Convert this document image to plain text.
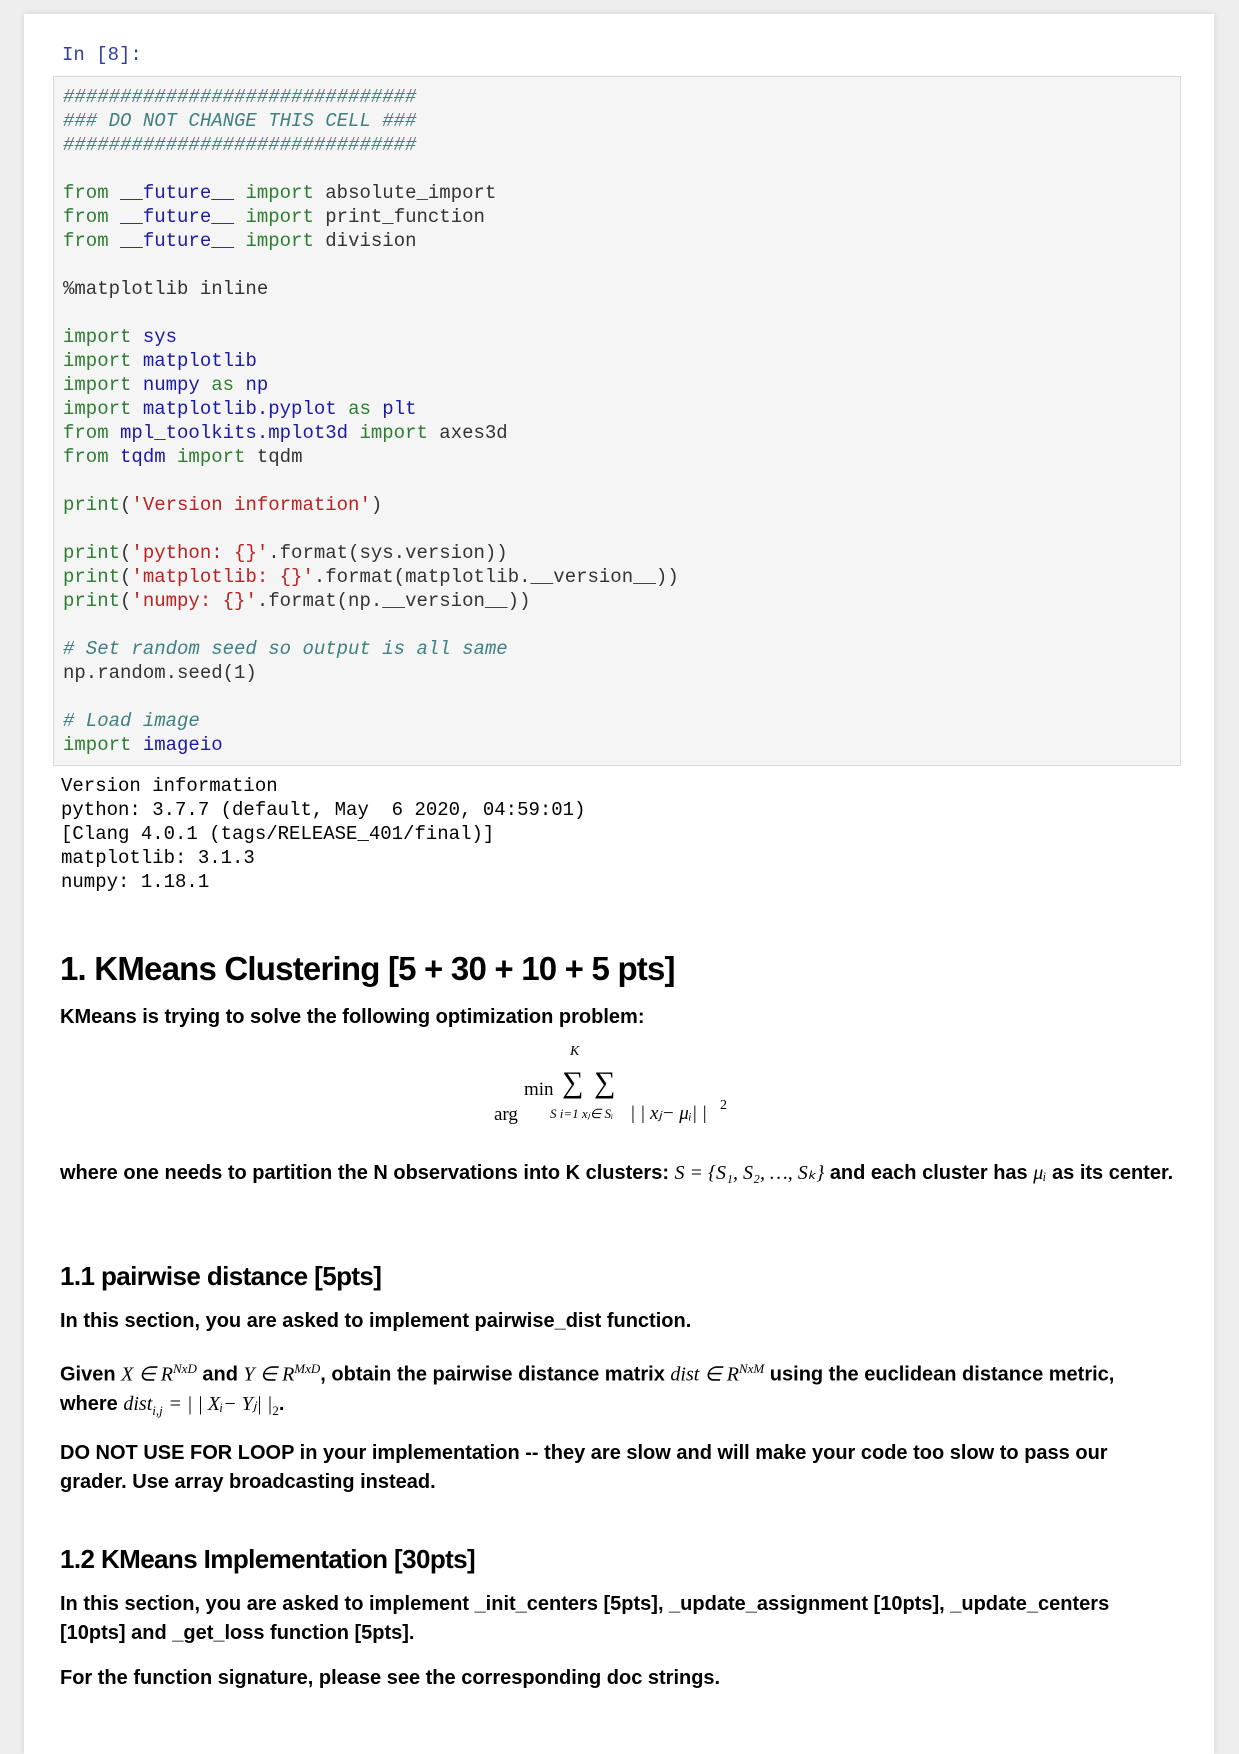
In [8]:
###############################
### DO NOT CHANGE THIS CELL ###
###############################

from __future__ import absolute_import
from __future__ import print_function
from __future__ import division

%matplotlib inline

import sys
import matplotlib
import numpy as np
import matplotlib.pyplot as plt
from mpl_toolkits.mplot3d import axes3d
from tqdm import tqdm

print('Version information')

print('python: {}'.format(sys.version))
print('matplotlib: {}'.format(matplotlib.__version__))
print('numpy: {}'.format(np.__version__))

# Set random seed so output is all same
np.random.seed(1)

# Load image
import imageio
Version information
python: 3.7.7 (default, May  6 2020, 04:59:01)
[Clang 4.0.1 (tags/RELEASE_401/final)]
matplotlib: 3.1.3
numpy: 1.18.1
1. KMeans Clustering [5 + 30 + 10 + 5 pts]
KMeans is trying to solve the following optimization problem:
K
min ∑ ∑
arg S i=1 xⱼ∈ Sᵢ | | xⱼ− μᵢ| | 2
where one needs to partition the N observations into K clusters: S = {S₁, S₂, …, Sₖ} and each cluster has μᵢ as its center.
1.1 pairwise distance [5pts]
In this section, you are asked to implement pairwise_dist function.
Given X ∈ $R^{NxD}$ and Y ∈ $R^{MxD}$, obtain the pairwise distance matrix dist ∈ $R^{NxM}$ using the euclidean distance metric, where dist$_{i,j}$ = | | Xᵢ− Yⱼ| $|_2$.
DO NOT USE FOR LOOP in your implementation -- they are slow and will make your code too slow to pass our grader. Use array broadcasting instead.
1.2 KMeans Implementation [30pts]
In this section, you are asked to implement _init_centers [5pts], _update_assignment [10pts], _update_centers [10pts] and _get_loss function [5pts].
For the function signature, please see the corresponding doc strings.
